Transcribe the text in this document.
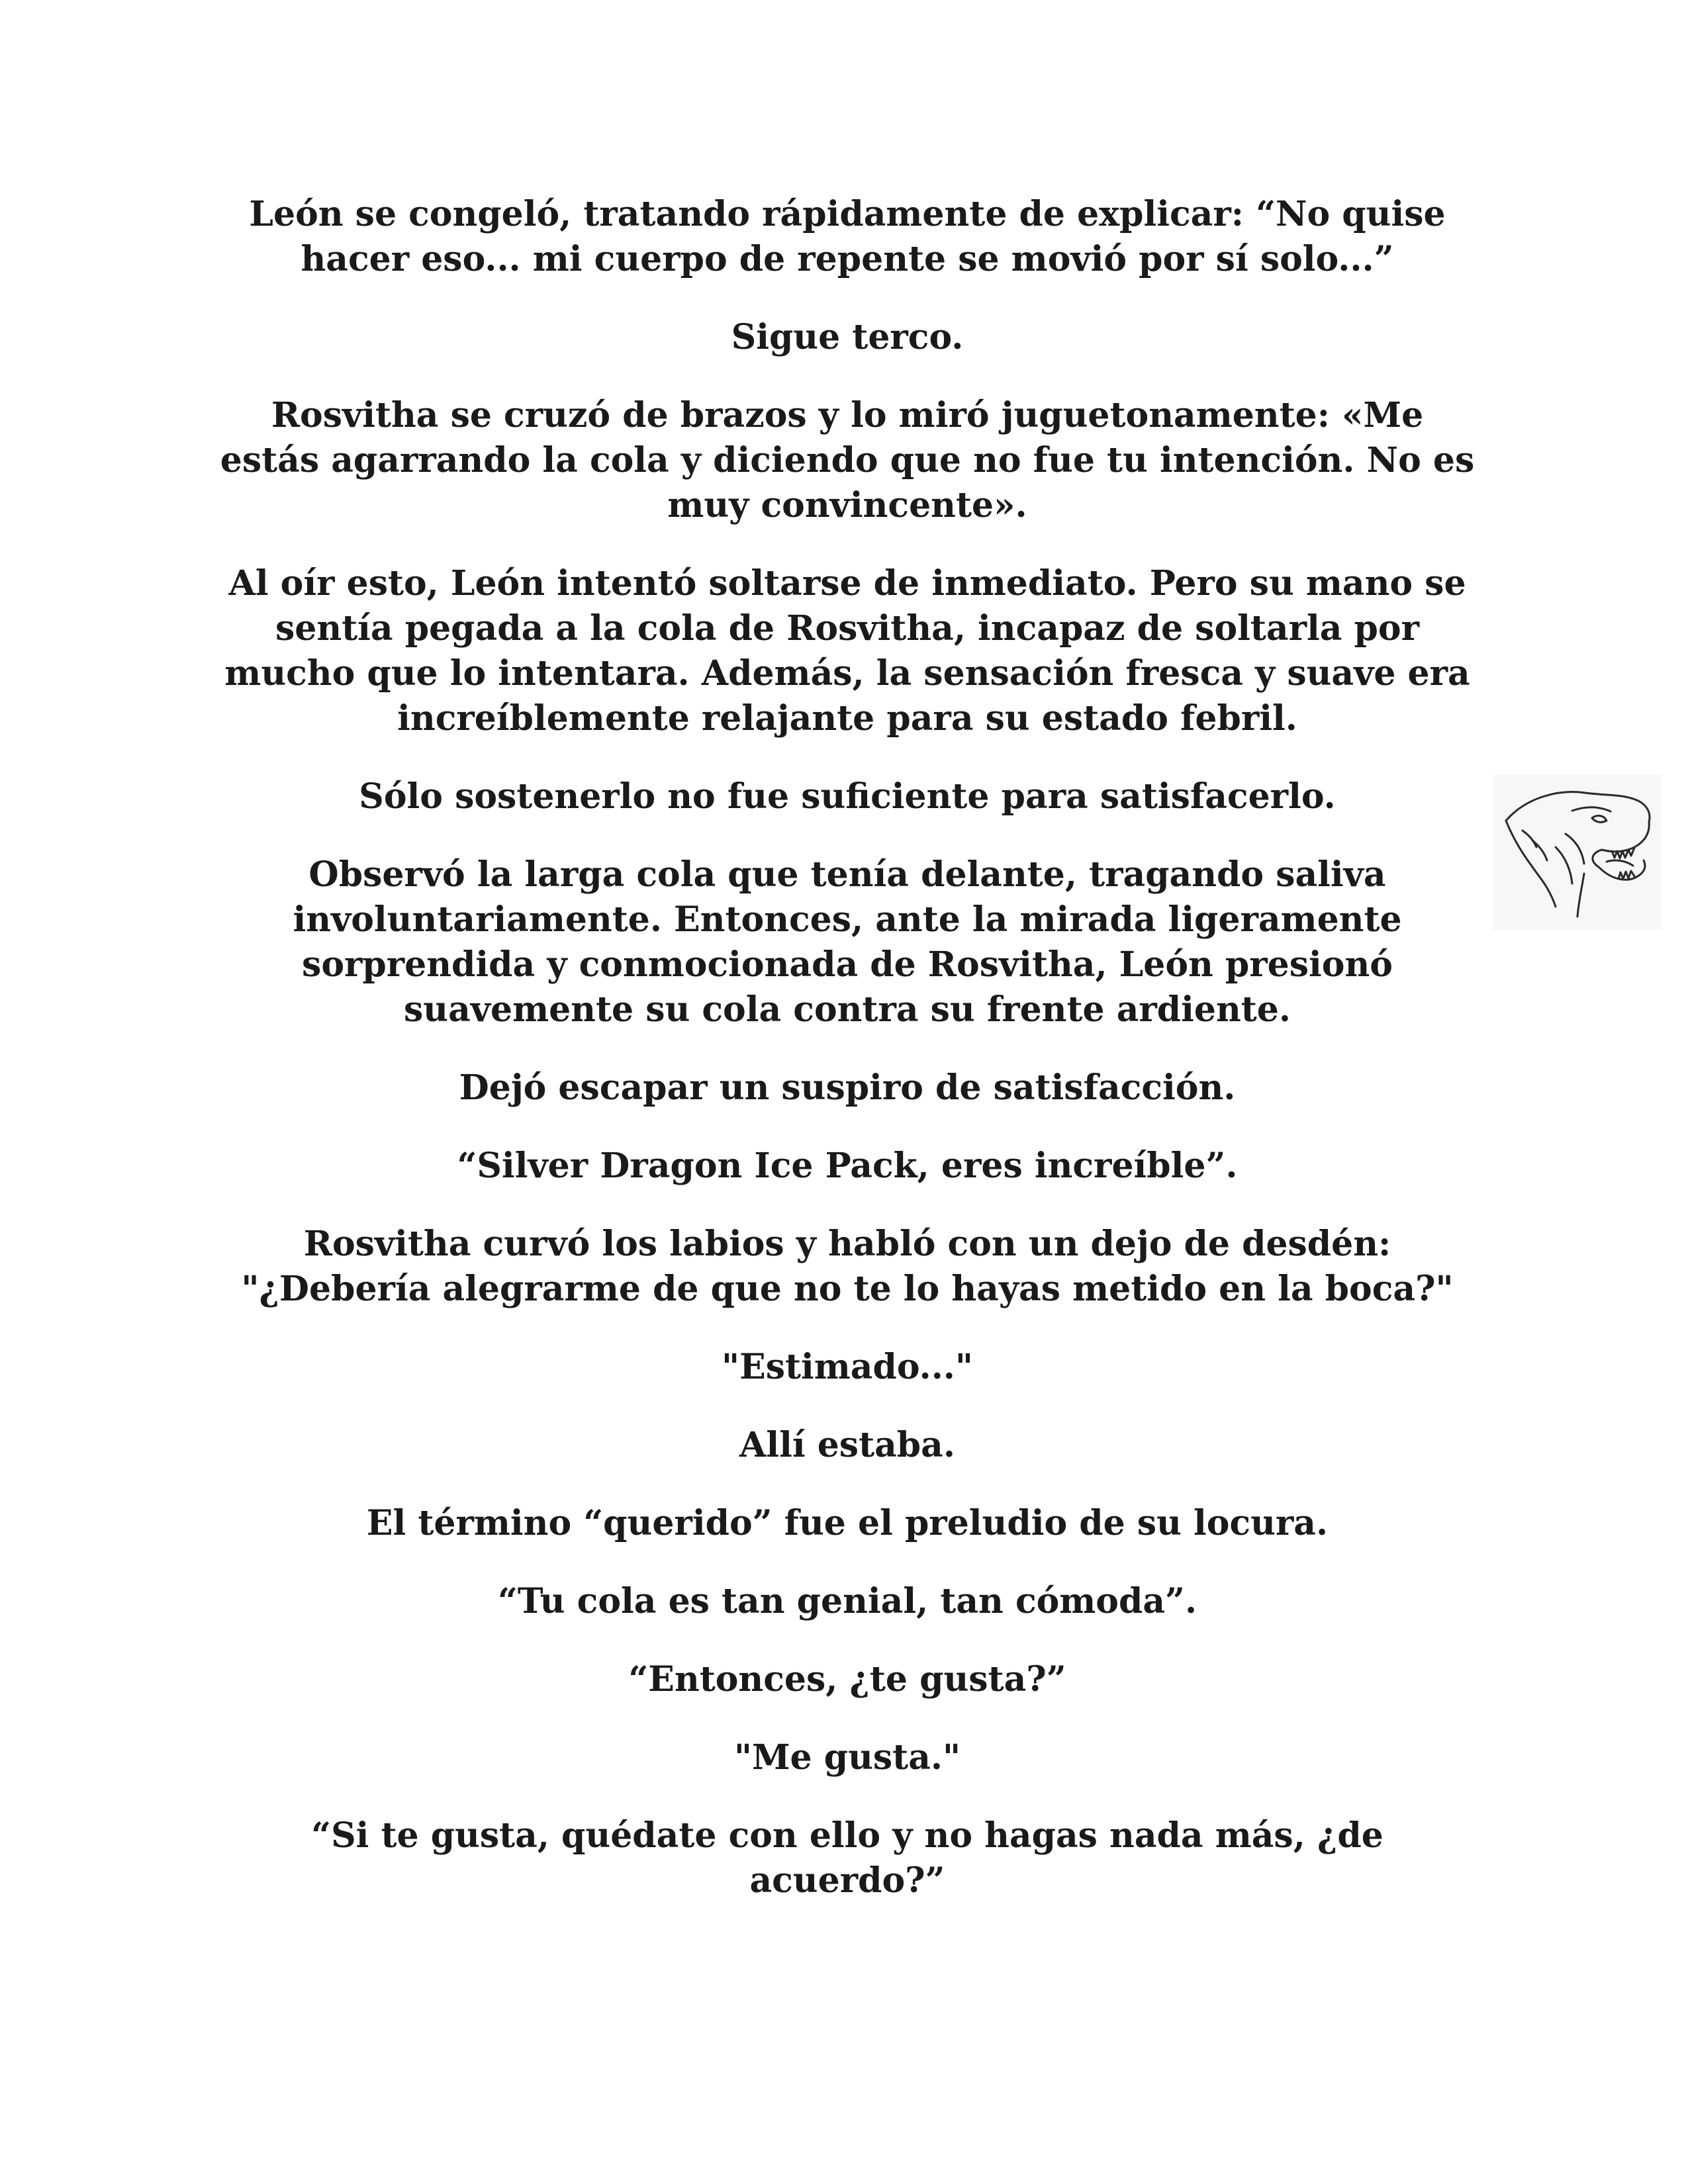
León se congeló, tratando rápidamente de explicar: “No quise hacer eso... mi cuerpo de repente se movió por sí solo...”

Sigue terco.

Rosvitha se cruzó de brazos y lo miró juguetonamente: «Me estás agarrando la cola y diciendo que no fue tu intención. No es muy convincente».

Al oír esto, León intentó soltarse de inmediato. Pero su mano se sentía pegada a la cola de Rosvitha, incapaz de soltarla por mucho que lo intentara. Además, la sensación fresca y suave era increíblemente relajante para su estado febril.

Sólo sostenerlo no fue suficiente para satisfacerlo.

Observó la larga cola que tenía delante, tragando saliva involuntariamente. Entonces, ante la mirada ligeramente sorprendida y conmocionada de Rosvitha, León presionó suavemente su cola contra su frente ardiente.

Dejó escapar un suspiro de satisfacción.

“Silver Dragon Ice Pack, eres increíble”.

Rosvitha curvó los labios y habló con un dejo de desdén: "¿Debería alegrarme de que no te lo hayas metido en la boca?"

"Estimado..."

Allí estaba.

El término “querido” fue el preludio de su locura.

“Tu cola es tan genial, tan cómoda”.

“Entonces, ¿te gusta?”

"Me gusta."

“Si te gusta, quédate con ello y no hagas nada más, ¿de acuerdo?”
